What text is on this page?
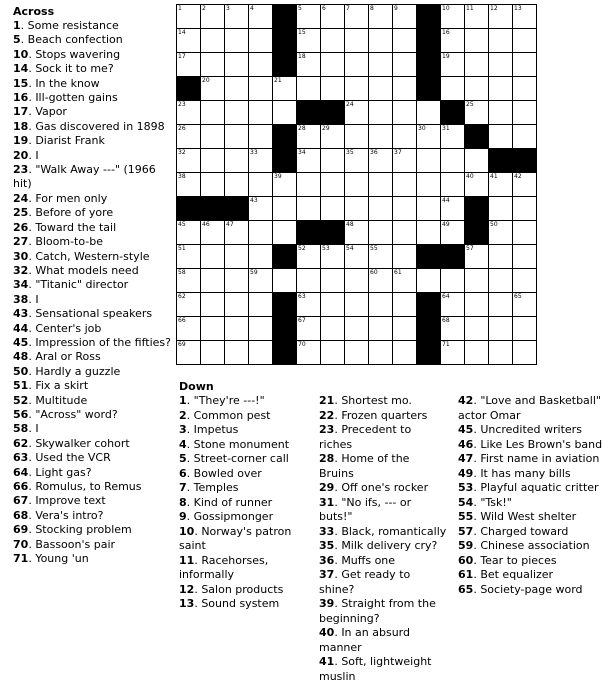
Across
1. Some resistance
5. Beach confection
10. Stops wavering
14. Sock it to me?
15. In the know
16. Ill-gotten gains
17. Vapor
18. Gas discovered in 1898
19. Diarist Frank
20. I
23. "Walk Away ---" (1966 hit)
24. For men only
25. Before of yore
26. Toward the tail
27. Bloom-to-be
30. Catch, Western-style
32. What models need
34. "Titanic" director
38. I
43. Sensational speakers
44. Center's job
45. Impression of the fifties?
48. Aral or Ross
50. Hardly a guzzle
51. Fix a skirt
52. Multitude
56. "Across" word?
58. I
62. Skywalker cohort
63. Used the VCR
64. Light gas?
66. Romulus, to Remus
67. Improve text
68. Vera's intro?
69. Stocking problem
70. Bassoon's pair
71. Young 'un
1	2	3	4	5	6	7	8	9	10	11	12	13
14	15	16
17	18	19
20	21
23	24	25
26	28	29	30	31
32	33	34	35	36	37
38	39	40	41	42
43	44
45	46	47	48	49	50
51	52	53	54	55	57
58	59	60	61
62	63	64	65
66	67	68
69	70	71
Down
1. "They're ---!"
2. Common pest
3. Impetus
4. Stone monument
5. Street-corner call
6. Bowled over
7. Temples
8. Kind of runner
9. Gossipmonger
10. Norway's patron saint
11. Racehorses, informally
12. Salon products
13. Sound system
21. Shortest mo.
22. Frozen quarters
23. Precedent to riches
28. Home of the Bruins
29. Off one's rocker
31. "No ifs, --- or buts!"
33. Black, romantically
35. Milk delivery cry?
36. Muffs one
37. Get ready to shine?
39. Straight from the beginning?
40. In an absurd manner
41. Soft, lightweight muslin
42. "Love and Basketball" actor Omar
45. Uncredited writers
46. Like Les Brown's band
47. First name in aviation
49. It has many bills
53. Playful aquatic critter
54. "Tsk!"
55. Wild West shelter
57. Charged toward
59. Chinese association
60. Tear to pieces
61. Bet equalizer
65. Society-page word
